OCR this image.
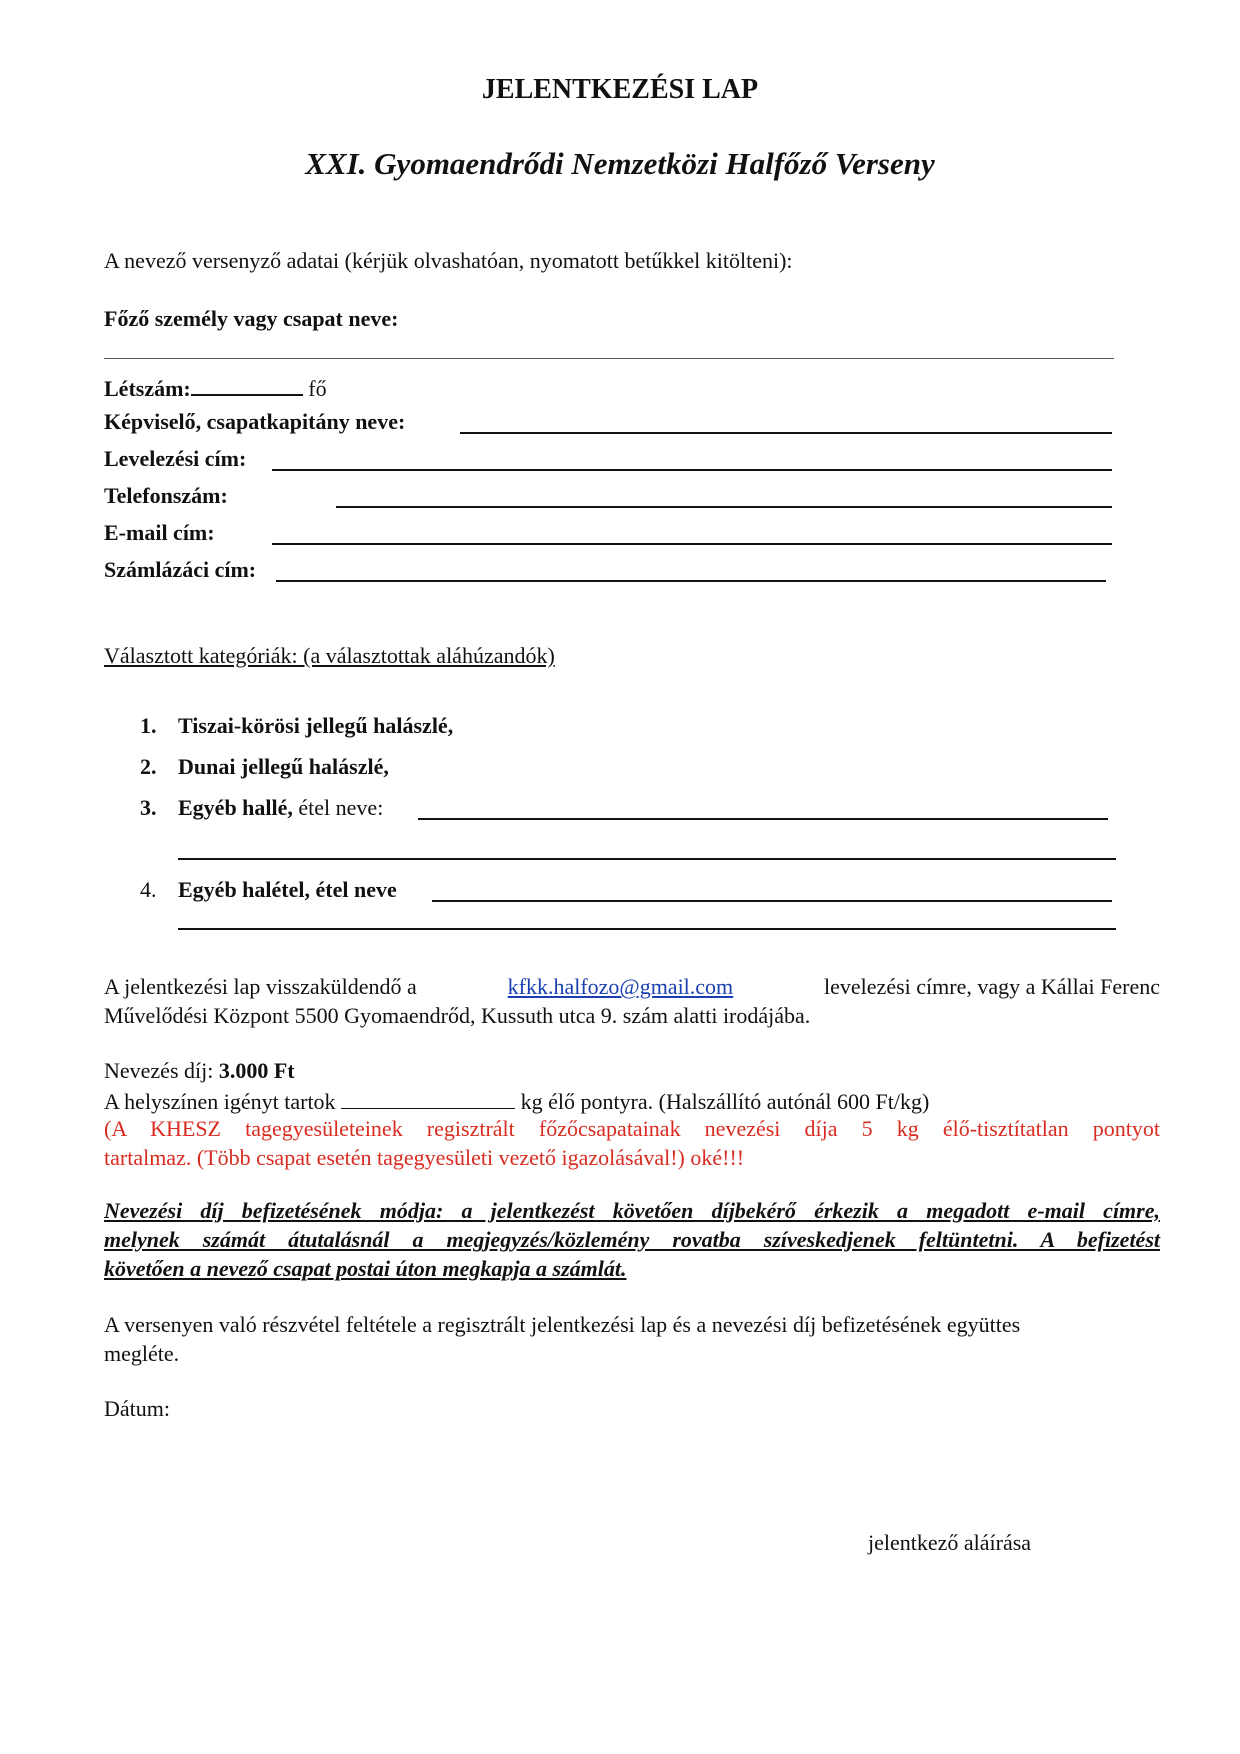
JELENTKEZÉSI LAP
XXI. Gyomaendrődi Nemzetközi Halfőző Verseny
A nevező versenyző adatai (kérjük olvashatóan, nyomatott betűkkel kitölteni):
Főző személy vagy csapat neve:
Létszám:	fő
Képviselő, csapatkapitány neve:
Levelezési cím:
Telefonszám:
E-mail cím:
Számlázáci cím:
Választott kategóriák: (a választottak aláhúzandók)
1. Tiszai-körösi jellegű halászlé,
2. Dunai jellegű halászlé,
3. Egyéb hallé, étel neve:
4. Egyéb halétel, étel neve
A jelentkezési lap visszaküldendő a	kfkk.halfozo@gmail.com	levelezési címre, vagy a Kállai Ferenc
Művelődési Központ 5500 Gyomaendrőd, Kussuth utca 9. szám alatti irodájába.
Nevezés díj: 3.000 Ft
A helyszínen igényt tartok	kg élő pontyra. (Halszállító autónál 600 Ft/kg)
(A KHESZ tagegyesületeinek regisztrált főzőcsapatainak nevezési díja 5 kg élő-tisztítatlan pontyot
tartalmaz. (Több csapat esetén tagegyesületi vezető igazolásával!) oké!!!
Nevezési díj befizetésének módja: a jelentkezést követően díjbekérő érkezik a megadott e-mail címre,
melynek számát átutalásnál a megjegyzés/közlemény rovatba szíveskedjenek feltüntetni. A befizetést
követően a nevező csapat postai úton megkapja a számlát.
A versenyen való részvétel feltétele a regisztrált jelentkezési lap és a nevezési díj befizetésének együttes
megléte.
Dátum:
jelentkező aláírása
